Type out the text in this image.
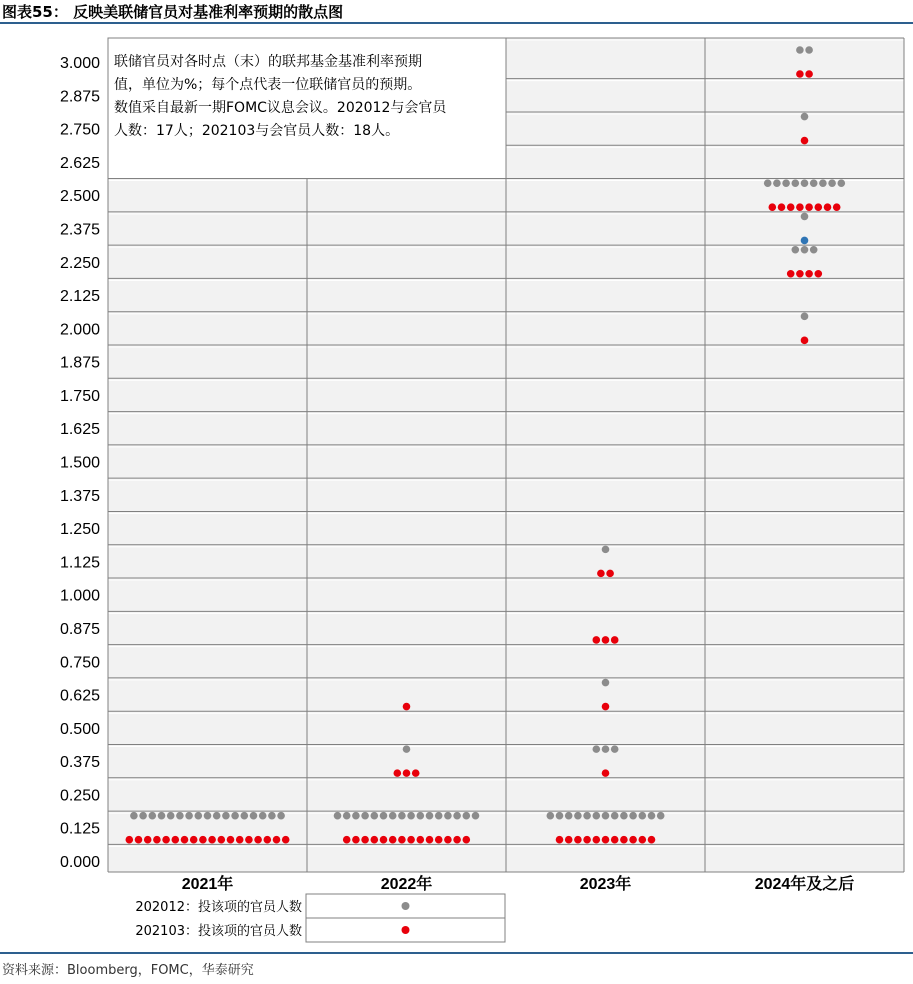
图表55： 反映美联储官员对基准利率预期的散点图
3.000
2.875
2.750
2.625
2.500
2.375
2.250
2.125
2.000
1.875
1.750
1.625
1.500
1.375
1.250
1.125
1.000
0.875
0.750
0.625
0.500
0.375
0.250
0.125
0.000
2021年	2022年	2023年	2024年及之后
联储官员对各时点（末）的联邦基金基准利率预期
值，单位为%；每个点代表一位联储官员的预期。
数值采自最新一期FOMC议息会议。202012与会官员
人数：17人；202103与会官员人数：18人。
202012：投该项的官员人数
202103：投该项的官员人数
资料来源：Bloomberg，FOMC，华泰研究
